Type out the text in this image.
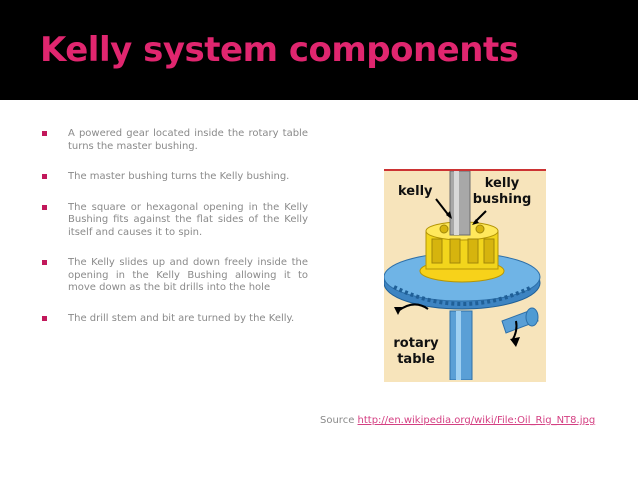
Kelly system components
A powered gear located inside the rotary table turns the master bushing.
The master bushing turns the Kelly bushing.
The square or hexagonal opening in the Kelly Bushing fits against the flat sides of the Kelly itself and causes it to spin.
The Kelly slides up and down freely inside the opening in the Kelly Bushing allowing it to move down as the bit drills into the hole
The drill stem and bit are turned by the Kelly.
kelly
kelly
bushing
rotary
table
Source http://en.wikipedia.org/wiki/File:Oil_Rig_NT8.jpg
